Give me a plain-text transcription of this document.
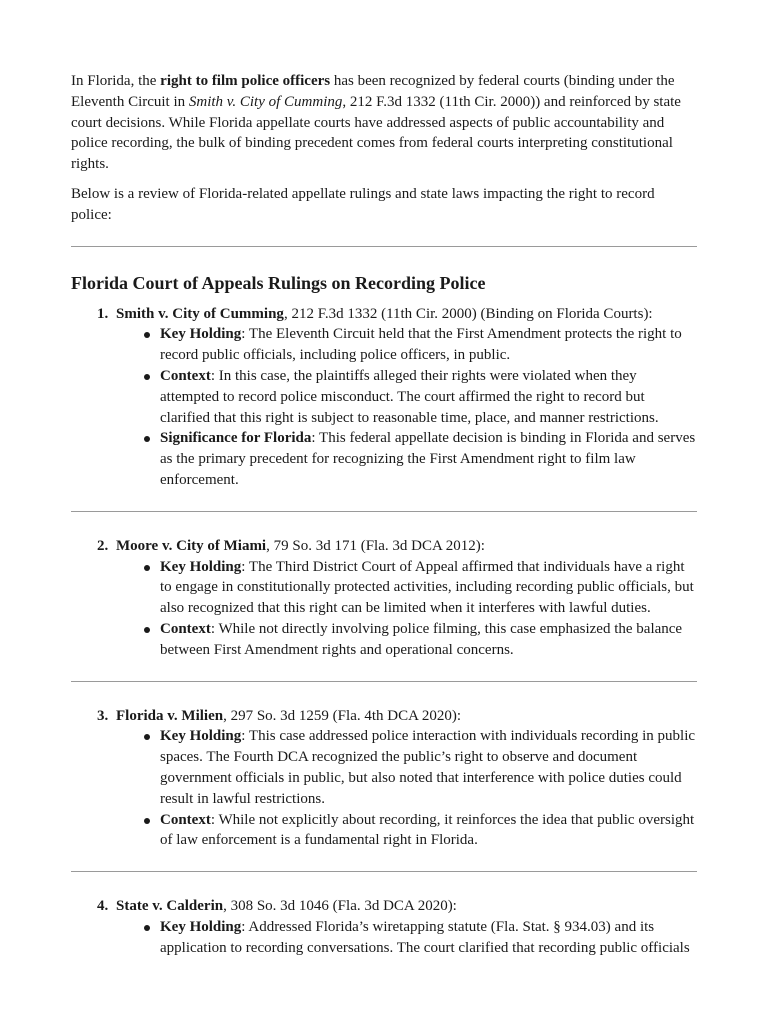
In Florida, the right to film police officers has been recognized by federal courts (binding under the Eleventh Circuit in Smith v. City of Cumming, 212 F.3d 1332 (11th Cir. 2000)) and reinforced by state court decisions. While Florida appellate courts have addressed aspects of public accountability and police recording, the bulk of binding precedent comes from federal courts interpreting constitutional rights.

Below is a review of Florida-related appellate rulings and state laws impacting the right to record police:

Florida Court of Appeals Rulings on Recording Police
1. Smith v. City of Cumming, 212 F.3d 1332 (11th Cir. 2000) (Binding on Florida Courts):
Key Holding: The Eleventh Circuit held that the First Amendment protects the right to record public officials, including police officers, in public.
Context: In this case, the plaintiffs alleged their rights were violated when they attempted to record police misconduct. The court affirmed the right to record but clarified that this right is subject to reasonable time, place, and manner restrictions.
Significance for Florida: This federal appellate decision is binding in Florida and serves as the primary precedent for recognizing the First Amendment right to film law enforcement.
2. Moore v. City of Miami, 79 So. 3d 171 (Fla. 3d DCA 2012):
Key Holding: The Third District Court of Appeal affirmed that individuals have a right to engage in constitutionally protected activities, including recording public officials, but also recognized that this right can be limited when it interferes with lawful duties.
Context: While not directly involving police filming, this case emphasized the balance between First Amendment rights and operational concerns.
3. Florida v. Milien, 297 So. 3d 1259 (Fla. 4th DCA 2020):
Key Holding: This case addressed police interaction with individuals recording in public spaces. The Fourth DCA recognized the public’s right to observe and document government officials in public, but also noted that interference with police duties could result in lawful restrictions.
Context: While not explicitly about recording, it reinforces the idea that public oversight of law enforcement is a fundamental right in Florida.
4. State v. Calderin, 308 So. 3d 1046 (Fla. 3d DCA 2020):
Key Holding: Addressed Florida’s wiretapping statute (Fla. Stat. § 934.03) and its application to recording conversations. The court clarified that recording public officials
